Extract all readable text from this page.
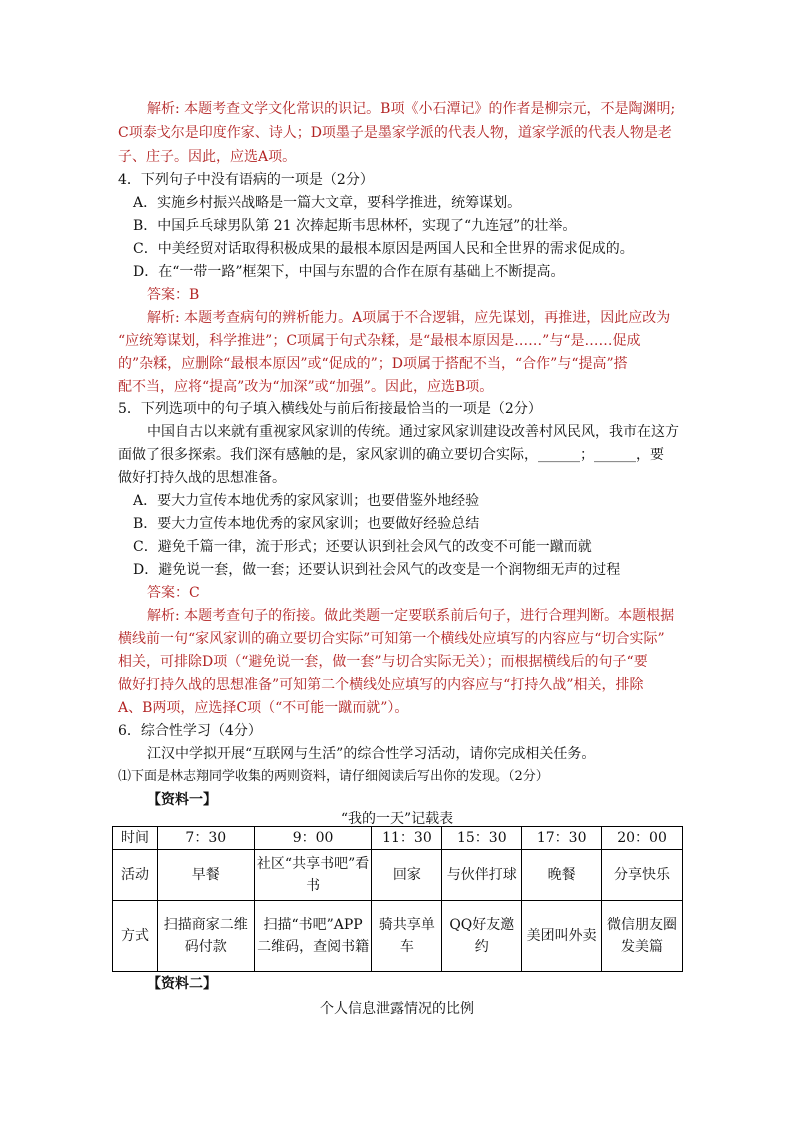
解析: 本题考查文学文化常识的识记。B项《小石潭记》的作者是柳宗元，不是陶渊明;
C项泰戈尔是印度作家、诗人；D项墨子是墨家学派的代表人物，道家学派的代表人物是老
子、庄子。因此，应选A项。
4．下列句子中没有语病的一项是（2分）
A．实施乡村振兴战略是一篇大文章，要科学推进，统筹谋划。
B．中国乒乓球男队第 21 次捧起斯韦思林杯，实现了“九连冠”的壮举。
C．中美经贸对话取得积极成果的最根本原因是两国人民和全世界的需求促成的。
D．在“一带一路”框架下，中国与东盟的合作在原有基础上不断提高。
答案：B
解析: 本题考查病句的辨析能力。A项属于不合逻辑，应先谋划，再推进，因此应改为
“应统筹谋划，科学推进”；C项属于句式杂糅，是“最根本原因是……”与“是……促成
的”杂糅，应删除“最根本原因”或“促成的”；D项属于搭配不当，“合作”与“提高”搭
配不当，应将“提高”改为“加深”或“加强”。因此，应选B项。
5．下列选项中的句子填入横线处与前后衔接最恰当的一项是（2分）
中国自古以来就有重视家风家训的传统。通过家风家训建设改善村风民风，我市在这方
面做了很多探索。我们深有感触的是，家风家训的确立要切合实际，______；______，要
做好打持久战的思想准备。
A．要大力宣传本地优秀的家风家训；也要借鉴外地经验
B．要大力宣传本地优秀的家风家训；也要做好经验总结
C．避免千篇一律，流于形式；还要认识到社会风气的改变不可能一蹴而就
D．避免说一套，做一套；还要认识到社会风气的改变是一个润物细无声的过程
答案：C
解析: 本题考查句子的衔接。做此类题一定要联系前后句子，进行合理判断。本题根据
横线前一句“家风家训的确立要切合实际”可知第一个横线处应填写的内容应与“切合实际”
相关，可排除D项（“避免说一套，做一套”与切合实际无关）；而根据横线后的句子“要
做好打持久战的思想准备”可知第二个横线处应填写的内容应与“打持久战”相关，排除
A、B两项，应选择C项（“不可能一蹴而就”）。
6．综合性学习（4分）
江汉中学拟开展“互联网与生活”的综合性学习活动，请你完成相关任务。
⑴下面是林志翔同学收集的两则资料，请仔细阅读后写出你的发现。（2分）
【资料一】
“我的一天”记载表
时间	7：30	9：00	11：30	15：30	17：30	20：00
活动	早餐	社区“共享书吧”看书	回家	与伙伴打球	晚餐	分享快乐
方式	扫描商家二维码付款	扫描“书吧”APP二维码，查阅书籍	骑共享单车	QQ好友邀约	美团叫外卖	微信朋友圈发美篇
【资料二】
个人信息泄露情况的比例
